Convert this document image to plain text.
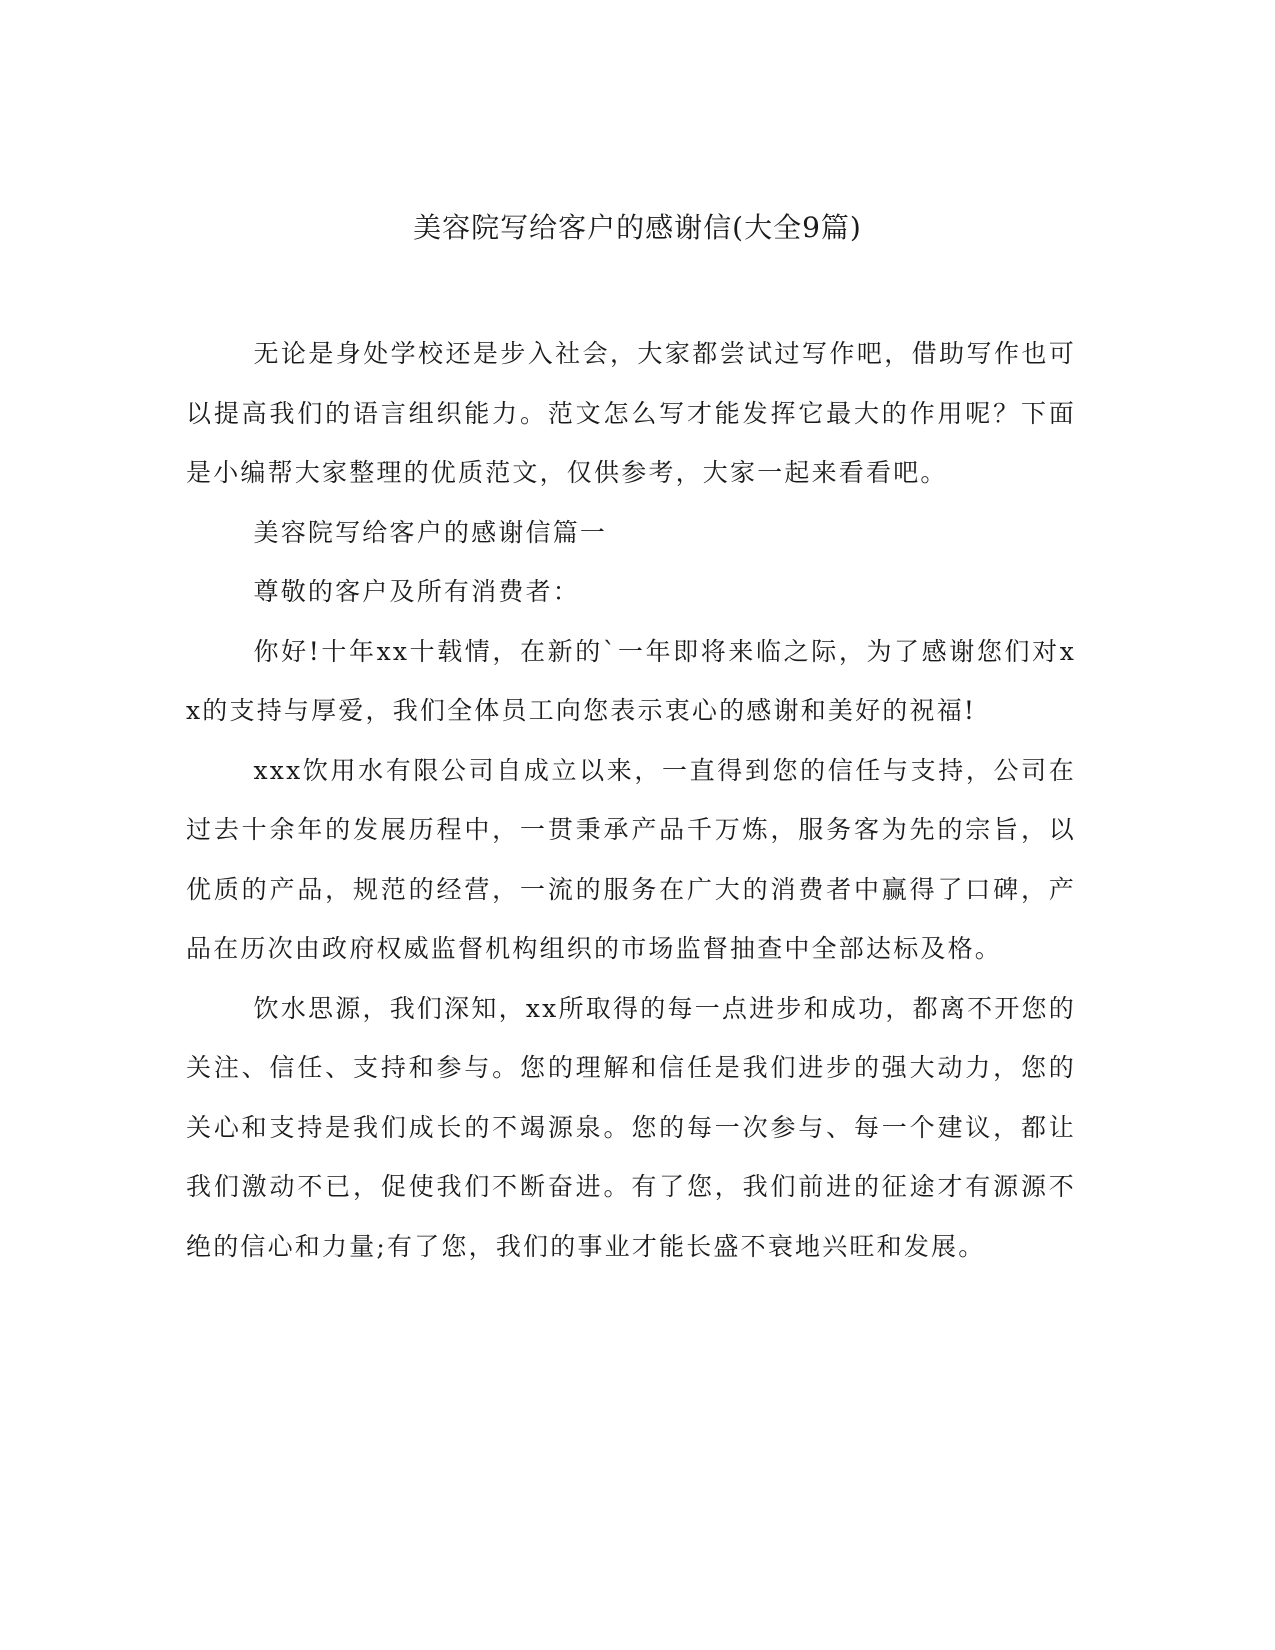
美容院写给客户的感谢信(大全9篇)

无论是身处学校还是步入社会，大家都尝试过写作吧，借助写作也可以提高我们的语言组织能力。范文怎么写才能发挥它最大的作用呢？下面是小编帮大家整理的优质范文，仅供参考，大家一起来看看吧。

美容院写给客户的感谢信篇一

尊敬的客户及所有消费者：

你好!十年xx十载情，在新的`一年即将来临之际，为了感谢您们对xx的支持与厚爱，我们全体员工向您表示衷心的感谢和美好的祝福!

xxx饮用水有限公司自成立以来，一直得到您的信任与支持，公司在过去十余年的发展历程中，一贯秉承产品千万炼，服务客为先的宗旨，以优质的产品，规范的经营，一流的服务在广大的消费者中赢得了口碑，产品在历次由政府权威监督机构组织的市场监督抽查中全部达标及格。

饮水思源，我们深知，xx所取得的每一点进步和成功，都离不开您的关注、信任、支持和参与。您的理解和信任是我们进步的强大动力，您的关心和支持是我们成长的不竭源泉。您的每一次参与、每一个建议，都让我们激动不已，促使我们不断奋进。有了您，我们前进的征途才有源源不绝的信心和力量;有了您，我们的事业才能长盛不衰地兴旺和发展。
